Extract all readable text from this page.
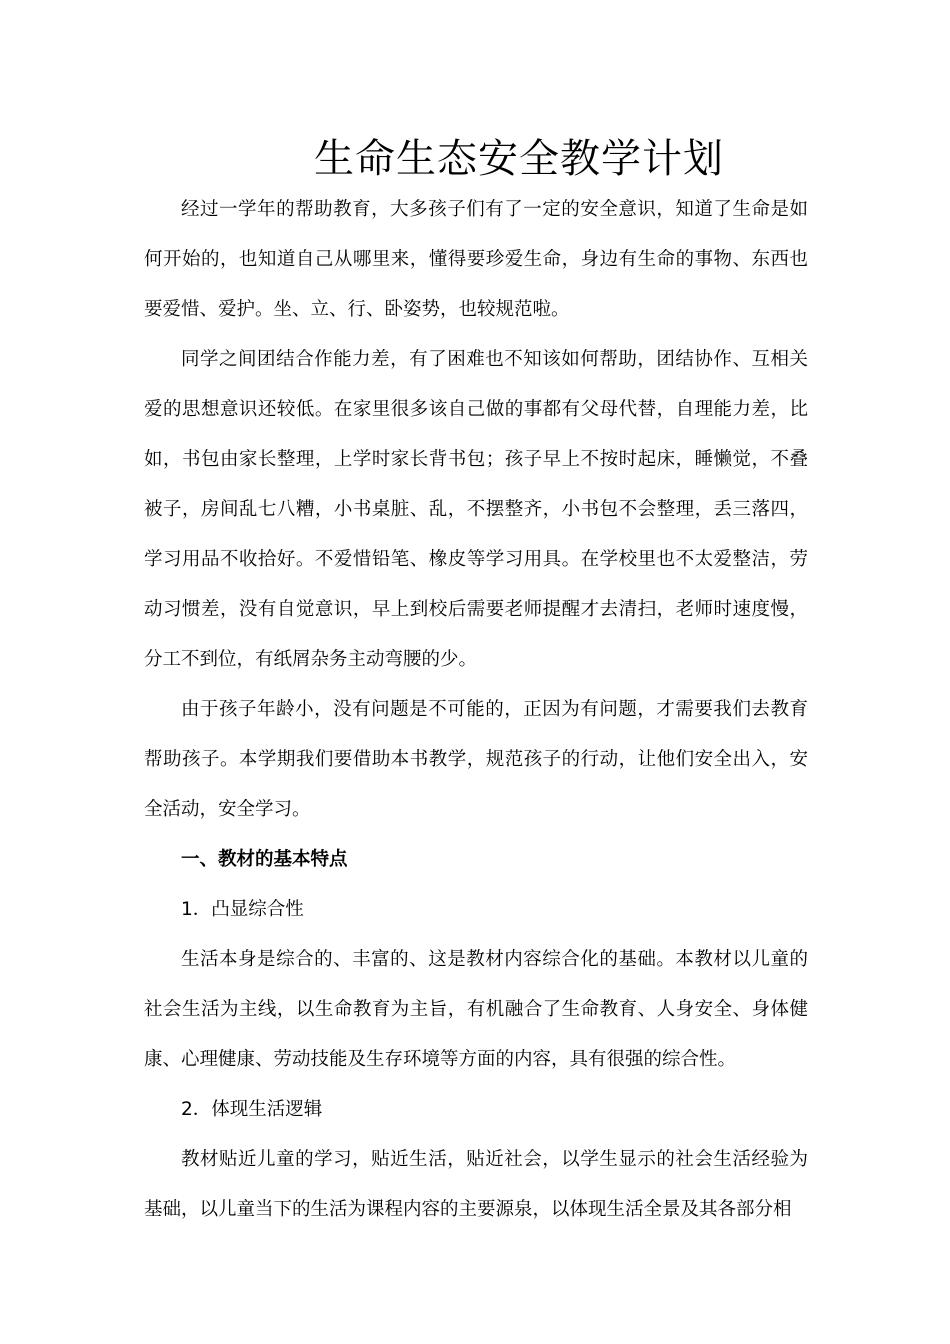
生命生态安全教学计划

经过一学年的帮助教育，大多孩子们有了一定的安全意识，知道了生命是如何开始的，也知道自己从哪里来，懂得要珍爱生命，身边有生命的事物、东西也要爱惜、爱护。坐、立、行、卧姿势，也较规范啦。

同学之间团结合作能力差，有了困难也不知该如何帮助，团结协作、互相关爱的思想意识还较低。在家里很多该自己做的事都有父母代替，自理能力差，比如，书包由家长整理，上学时家长背书包；孩子早上不按时起床，睡懒觉，不叠被子，房间乱七八糟，小书桌脏、乱，不摆整齐，小书包不会整理，丢三落四，学习用品不收拾好。不爱惜铅笔、橡皮等学习用具。在学校里也不太爱整洁，劳动习惯差，没有自觉意识，早上到校后需要老师提醒才去清扫，老师时速度慢，分工不到位，有纸屑杂务主动弯腰的少。

由于孩子年龄小，没有问题是不可能的，正因为有问题，才需要我们去教育帮助孩子。本学期我们要借助本书教学，规范孩子的行动，让他们安全出入，安全活动，安全学习。

一、教材的基本特点

1．凸显综合性

生活本身是综合的、丰富的、这是教材内容综合化的基础。本教材以儿童的社会生活为主线，以生命教育为主旨，有机融合了生命教育、人身安全、身体健康、心理健康、劳动技能及生存环境等方面的内容，具有很强的综合性。

2．体现生活逻辑

教材贴近儿童的学习，贴近生活，贴近社会，以学生显示的社会生活经验为基础，以儿童当下的生活为课程内容的主要源泉，以体现生活全景及其各部分相
